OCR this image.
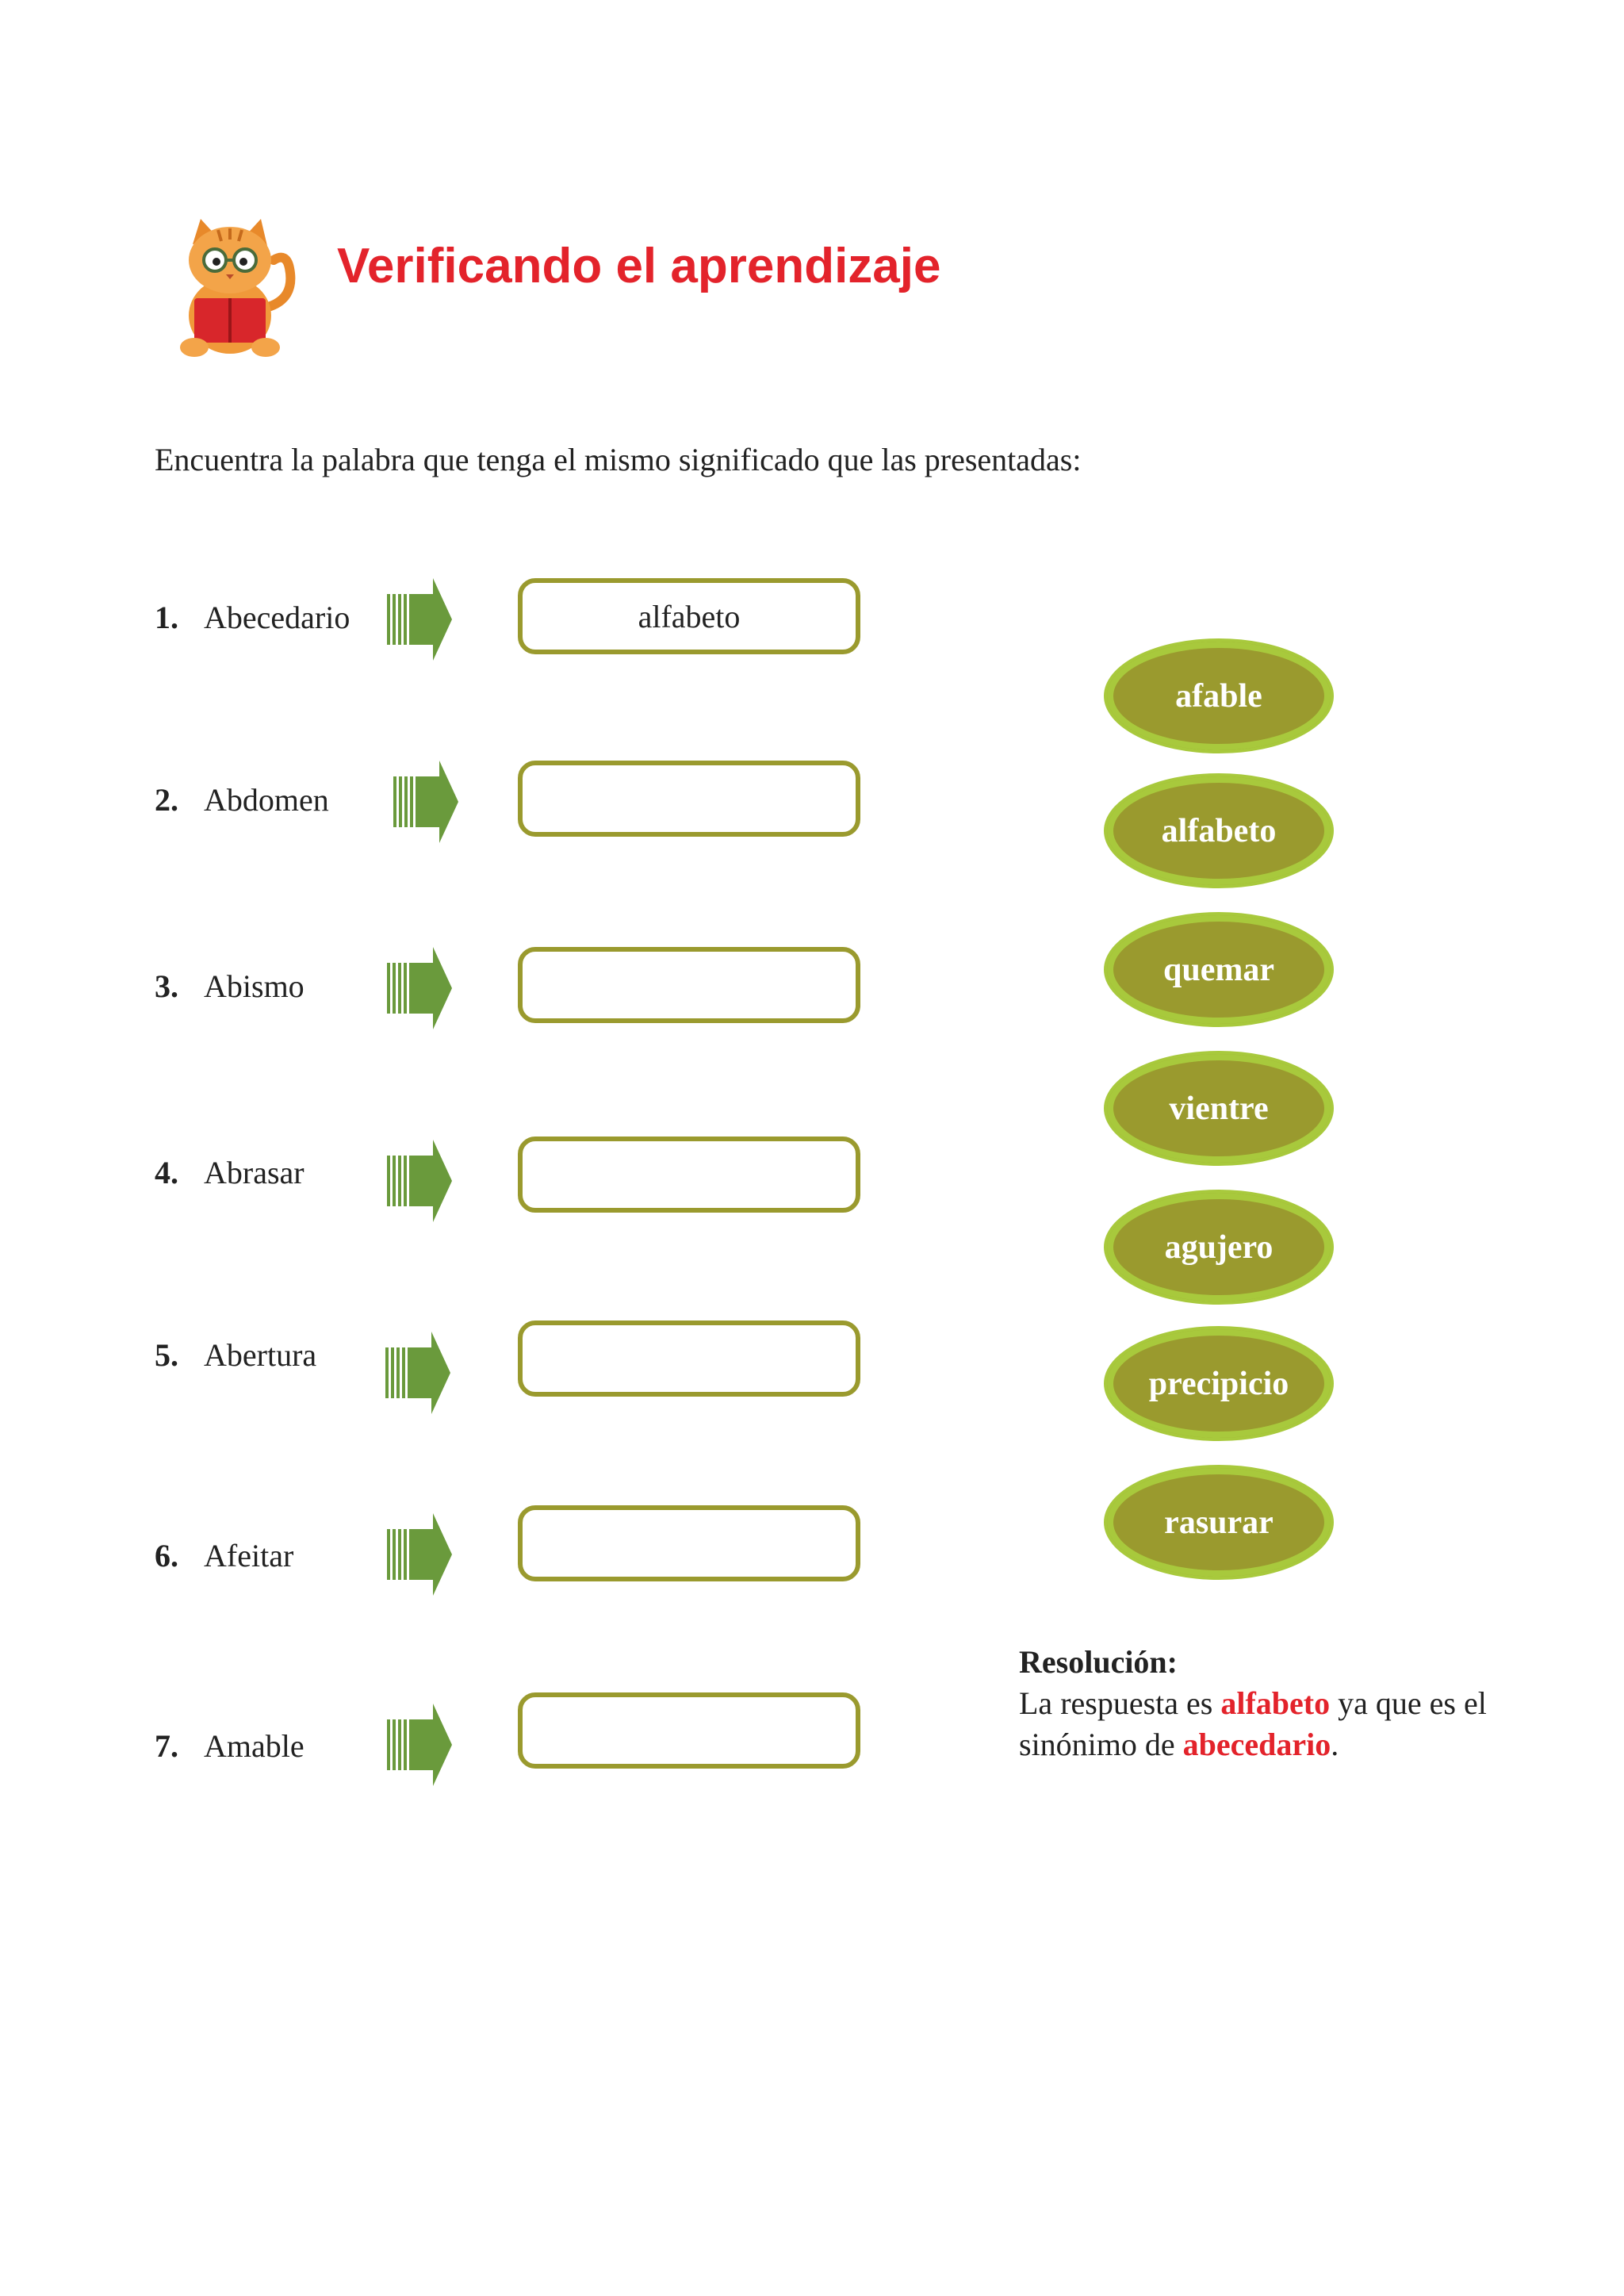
Verificando el aprendizaje
Encuentra la palabra que tenga el mismo significado que las presentadas:
1. Abecedario	alfabeto
2. Abdomen
3. Abismo
4. Abrasar
5. Abertura
6. Afeitar
7. Amable
afable
alfabeto
quemar
vientre
agujero
precipicio
rasurar
Resolución:
La respuesta es alfabeto ya que es el sinónimo de abecedario.
